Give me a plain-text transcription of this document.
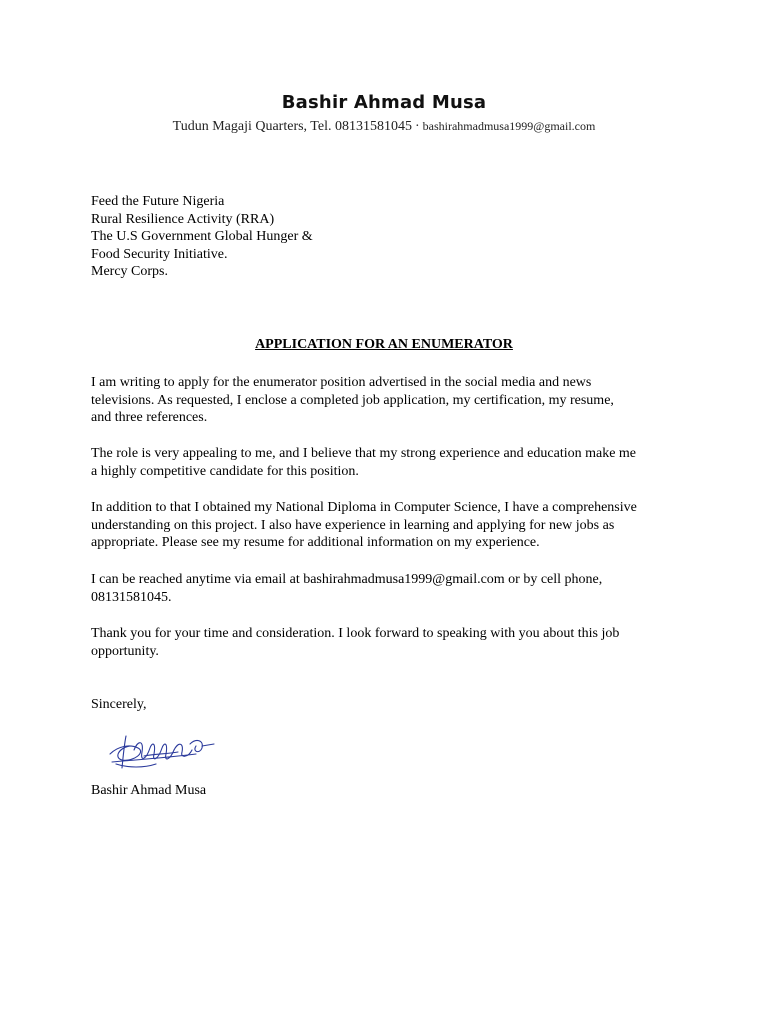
Bashir Ahmad Musa
Tudun Magaji Quarters, Tel. 08131581045 · bashirahmadmusa1999@gmail.com
Feed the Future Nigeria
Rural Resilience Activity (RRA)
The U.S Government Global Hunger &
Food Security Initiative.
Mercy Corps.
APPLICATION FOR AN ENUMERATOR
I am writing to apply for the enumerator position advertised in the social media and news
televisions. As requested, I enclose a completed job application, my certification, my resume,
and three references.
The role is very appealing to me, and I believe that my strong experience and education make me
a highly competitive candidate for this position.
In addition to that I obtained my National Diploma in Computer Science, I have a comprehensive
understanding on this project. I also have experience in learning and applying for new jobs as
appropriate. Please see my resume for additional information on my experience.
I can be reached anytime via email at bashirahmadmusa1999@gmail.com or by cell phone,
08131581045.
Thank you for your time and consideration. I look forward to speaking with you about this job
opportunity.
Sincerely,
Bashir Ahmad Musa
